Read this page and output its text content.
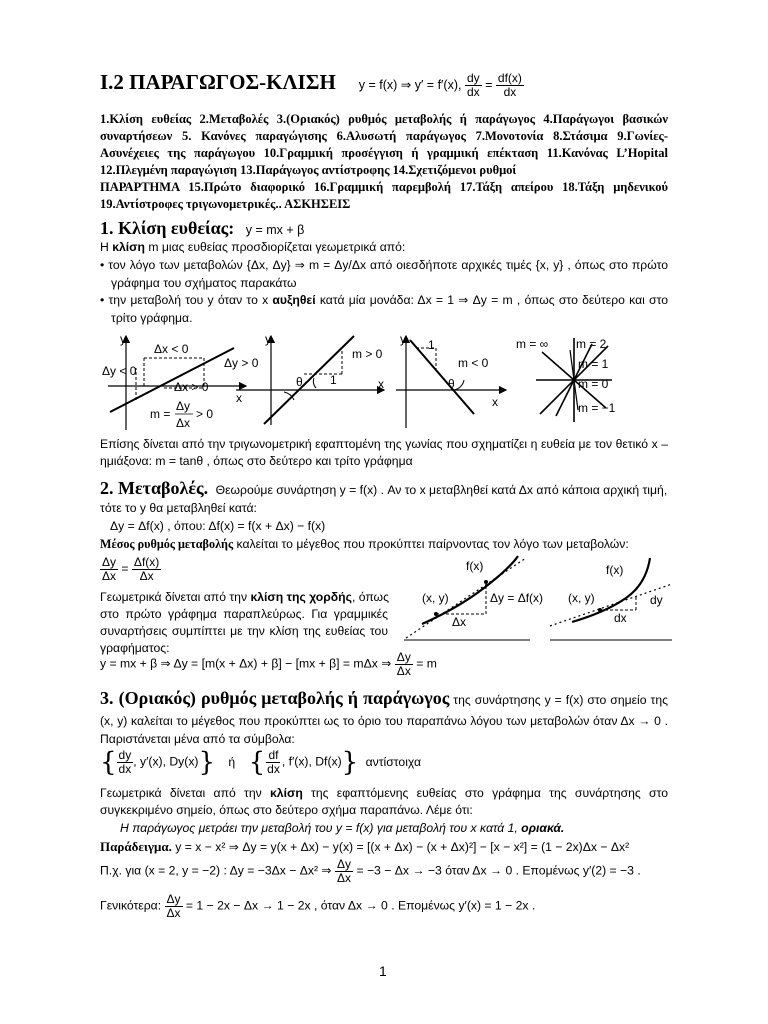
Ι.2 ΠΑΡΑΓΩΓΟΣ-ΚΛΙΣΗ y = f(x) ⇒ y′ = f′(x), $\frac{dy}{dx} = \frac{df(x)}{dx}$
1.Κλίση ευθείας 2.Μεταβολές 3.(Οριακός) ρυθμός μεταβολής ή παράγωγος 4.Παράγωγοι βασικών
συναρτήσεων 5. Κανόνες παραγώγισης 6.Αλυσωτή παράγωγος 7.Μονοτονία 8.Στάσιμα 9.Γωνίες-
Ασυνέχειες της παράγωγου 10.Γραμμική προσέγγιση ή γραμμική επέκταση 11.Κανόνας L’Hopital
12.Πλεγμένη παραγώγιση 13.Παράγωγος αντίστροφης 14.Σχετιζόμενοι ρυθμοί
ΠΑΡΑΡΤΗΜΑ 15.Πρώτο διαφορικό 16.Γραμμική παρεμβολή 17.Τάξη απείρου 18.Τάξη μηδενικού
19.Αντίστροφες τριγωνομετρικές.. ΑΣΚΗΣΕΙΣ
1. Κλίση ευθείας: y = mx + β
Η κλίση m μιας ευθείας προσδιορίζεται γεωμετρικά από:
• τον λόγο των μεταβολών {Δx, Δy} ⇒ m = Δy/Δx από οιεσδήποτε αρχικές τιμές {x, y} , όπως στο πρώτο
γράφημα του σχήματος παρακάτω
• την μεταβολή του y όταν το x αυξηθεί κατά μία μονάδα: Δx = 1 ⇒ Δy = m , όπως στο δεύτερο και στο
τρίτο γράφημα.
y
Δx < 0
Δy < 0
Δx > 0
m =
Δy
Δx
> 0
y
Δy > 0
θ 1
m > 0
x
x
y 1
m < 0
θ
x
m = ∞ m = 2
m = 1
m = 0
m = −1
Επίσης δίνεται από την τριγωνομετρική εφαπτομένη της γωνίας που σχηματίζει η ευθεία με τον θετικό x –
ημιάξονα: m = tanθ , όπως στο δεύτερο και τρίτο γράφημα
2. Μεταβολές. Θεωρούμε συνάρτηση y = f(x) . Αν το x μεταβληθεί κατά Δx από κάποια αρχική τιμή,
τότε το y θα μεταβληθεί κατά:
Δy = Δf(x) , όπου: Δf(x) = f(x + Δx) − f(x)
Μέσος ρυθμός μεταβολής καλείται το μέγεθος που προκύπτει παίρνοντας τον λόγο των μεταβολών:
$\frac{\Delta y}{\Delta x} = \frac{\Delta f(x)}{\Delta x}$
Γεωμετρικά δίνεται από την κλίση της χορδής, όπως
στο πρώτο γράφημα παραπλεύρως. Για γραμμικές
συναρτήσεις συμπίπτει με την κλίση της ευθείας του
γραφήματος:
y = mx + β ⇒ Δy = [m(x + Δx) + β] − [mx + β] = mΔx ⇒ $\frac{\Delta y}{\Delta x} = m$
f(x)
(x, y)	Δy = Δf(x)
Δx
f(x)
(x, y)	dy
dx
3. (Οριακός) ρυθμός μεταβολής ή παράγωγος της συνάρτησης y = f(x) στο σημείο της
(x, y) καλείται το μέγεθος που προκύπτει ως το όριο του παραπάνω λόγου των μεταβολών όταν Δx → 0 .
Παριστάνεται μένα από τα σύμβολα:
{ $\frac{dy}{dx}$ , y′(x), Dy(x)} ή { $\frac{df}{dx}$ , f′(x), Df(x)} αντίστοιχα
Γεωμετρικά δίνεται από την κλίση της εφαπτόμενης ευθείας στο γράφημα της συνάρτησης στο
συγκεκριμένο σημείο, όπως στο δεύτερο σχήμα παραπάνω. Λέμε ότι:
Η παράγωγος μετράει την μεταβολή του y = f(x) για μεταβολή του x κατά 1, οριακά.
Παράδειγμα. y = x − x² ⇒ Δy = y(x + Δx) − y(x) = [(x + Δx) − (x + Δx)²] − [x − x²] = (1 − 2x)Δx − Δx²
Π.χ. για (x = 2, y = −2) : Δy = −3Δx − Δx² ⇒ $\frac{\Delta y}{\Delta x} = -3 - \Delta x \to -3$ όταν Δx → 0 . Επομένως y′(2) = −3 .
Γενικότερα: $\frac{\Delta y}{\Delta x} = 1 - 2x - \Delta x \to 1 - 2x$ , όταν Δx → 0 . Επομένως y′(x) = 1 − 2x .
1
